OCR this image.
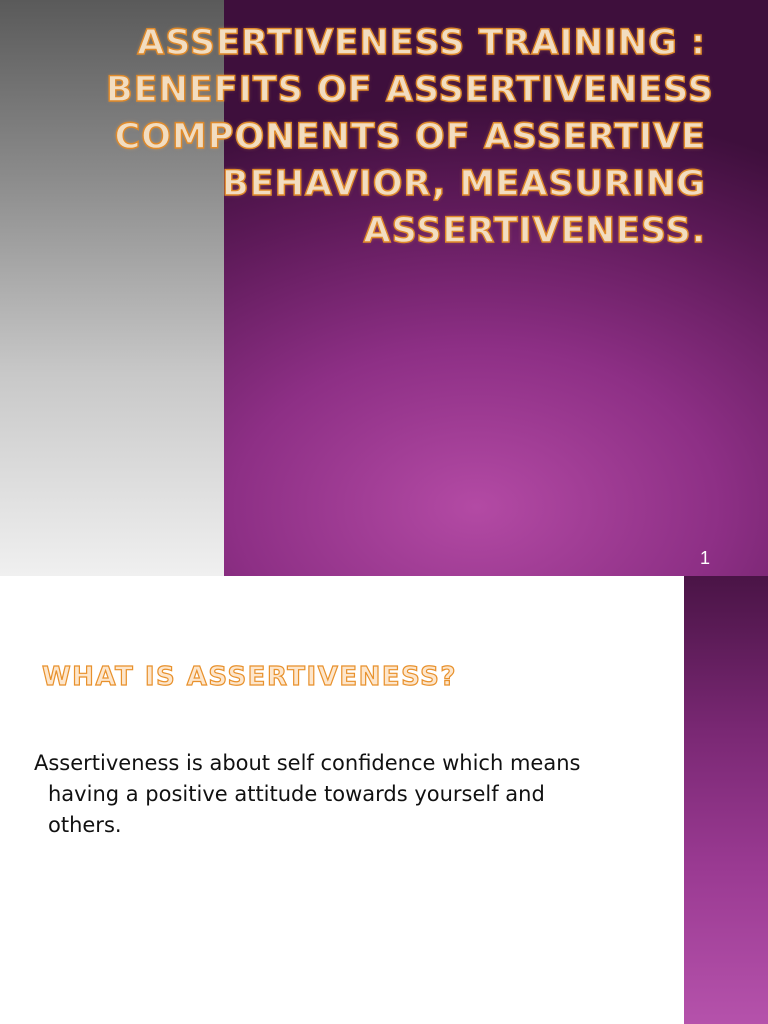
ASSERTIVENESS TRAINING :
BENEFITS OF ASSERTIVENESS
COMPONENTS OF ASSERTIVE
BEHAVIOR, MEASURING
ASSERTIVENESS.
1
WHAT IS ASSERTIVENESS?

Assertiveness is about self confidence which means
having a positive attitude towards yourself and
others.
